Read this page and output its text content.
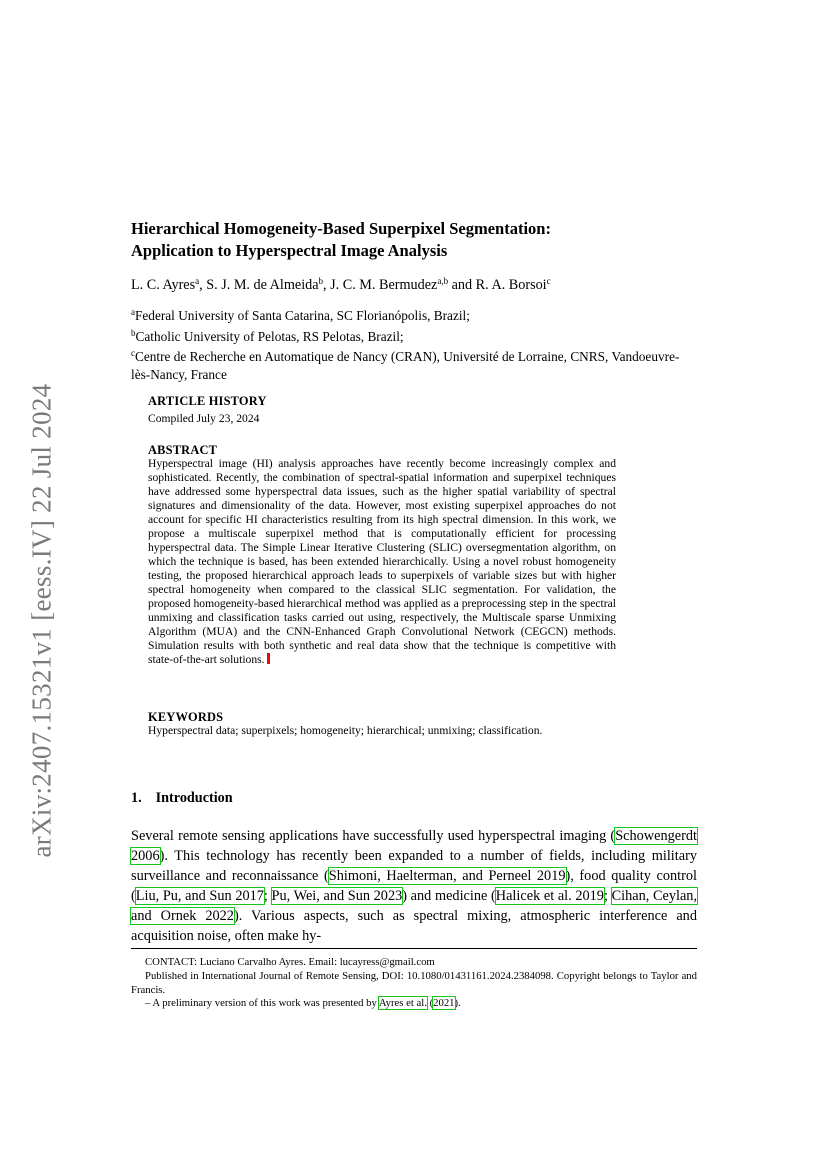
arXiv:2407.15321v1 [eess.IV] 22 Jul 2024
Hierarchical Homogeneity-Based Superpixel Segmentation:
Application to Hyperspectral Image Analysis
L. C. Ayres$^a$, S. J. M. de Almeida$^b$, J. C. M. Bermudez$^{a,b}$ and R. A. Borsoi$^c$

$^a$Federal University of Santa Catarina, SC Florianópolis, Brazil;

$^b$Catholic University of Pelotas, RS Pelotas, Brazil;

$^c$Centre de Recherche en Automatique de Nancy (CRAN), Université de Lorraine, CNRS, Vandoeuvre-lès-Nancy, France

ARTICLE HISTORY
Compiled July 23, 2024
ABSTRACT

Hyperspectral image (HI) analysis approaches have recently become increasingly complex and sophisticated. Recently, the combination of spectral-spatial information and superpixel techniques have addressed some hyperspectral data issues, such as the higher spatial variability of spectral signatures and dimensionality of the data. However, most existing superpixel approaches do not account for specific HI characteristics resulting from its high spectral dimension. In this work, we propose a multiscale superpixel method that is computationally efficient for processing hyperspectral data. The Simple Linear Iterative Clustering (SLIC) oversegmentation algorithm, on which the technique is based, has been extended hierarchically. Using a novel robust homogeneity testing, the proposed hierarchical approach leads to superpixels of variable sizes but with higher spectral homogeneity when compared to the classical SLIC segmentation. For validation, the proposed homogeneity-based hierarchical method was applied as a preprocessing step in the spectral unmixing and classification tasks carried out using, respectively, the Multiscale sparse Unmixing Algorithm (MUA) and the CNN-Enhanced Graph Convolutional Network (CEGCN) methods. Simulation results with both synthetic and real data show that the technique is competitive with state-of-the-art solutions.

KEYWORDS
Hyperspectral data; superpixels; homogeneity; hierarchical; unmixing; classification.
1. Introduction

Several remote sensing applications have successfully used hyperspectral imaging (Schowengerdt 2006). This technology has recently been expanded to a number of fields, including military surveillance and reconnaissance (Shimoni, Haelterman, and Perneel 2019), food quality control (Liu, Pu, and Sun 2017; Pu, Wei, and Sun 2023) and medicine (Halicek et al. 2019; Cihan, Ceylan, and Ornek 2022). Various aspects, such as spectral mixing, atmospheric interference and acquisition noise, often make hy-

CONTACT: Luciano Carvalho Ayres. Email: lucayress@gmail.com

Published in International Journal of Remote Sensing, DOI: 10.1080/01431161.2024.2384098. Copyright belongs to Taylor and Francis.

– A preliminary version of this work was presented by Ayres et al. (2021).
